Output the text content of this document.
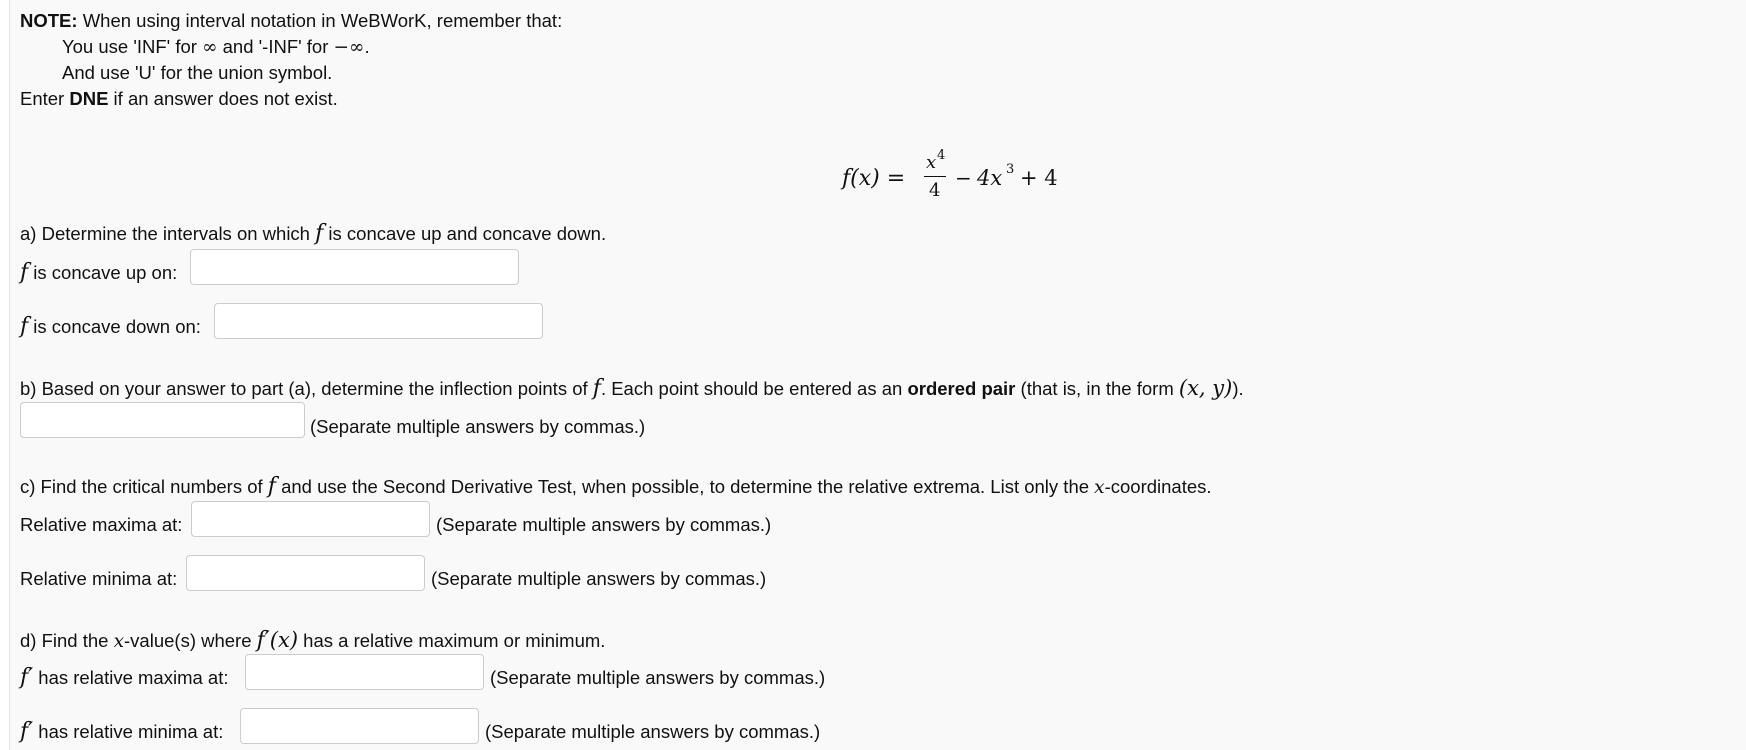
NOTE: When using interval notation in WeBWorK, remember that:
You use 'INF' for ∞ and '-INF' for −∞.
And use 'U' for the union symbol.
Enter DNE if an answer does not exist.
f(x) =
x 4
4
− 4x 3 + 4
a) Determine the intervals on which f is concave up and concave down.
f is concave up on:
f is concave down on:
b) Based on your answer to part (a), determine the inflection points of f. Each point should be entered as an ordered pair (that is, in the form (x, y)).
(Separate multiple answers by commas.)
c) Find the critical numbers of f and use the Second Derivative Test, when possible, to determine the relative extrema. List only the x-coordinates.
Relative maxima at:	(Separate multiple answers by commas.)
Relative minima at:	(Separate multiple answers by commas.)
d) Find the x-value(s) where f′(x) has a relative maximum or minimum.
f′ has relative maxima at:	(Separate multiple answers by commas.)
f′ has relative minima at:	(Separate multiple answers by commas.)
